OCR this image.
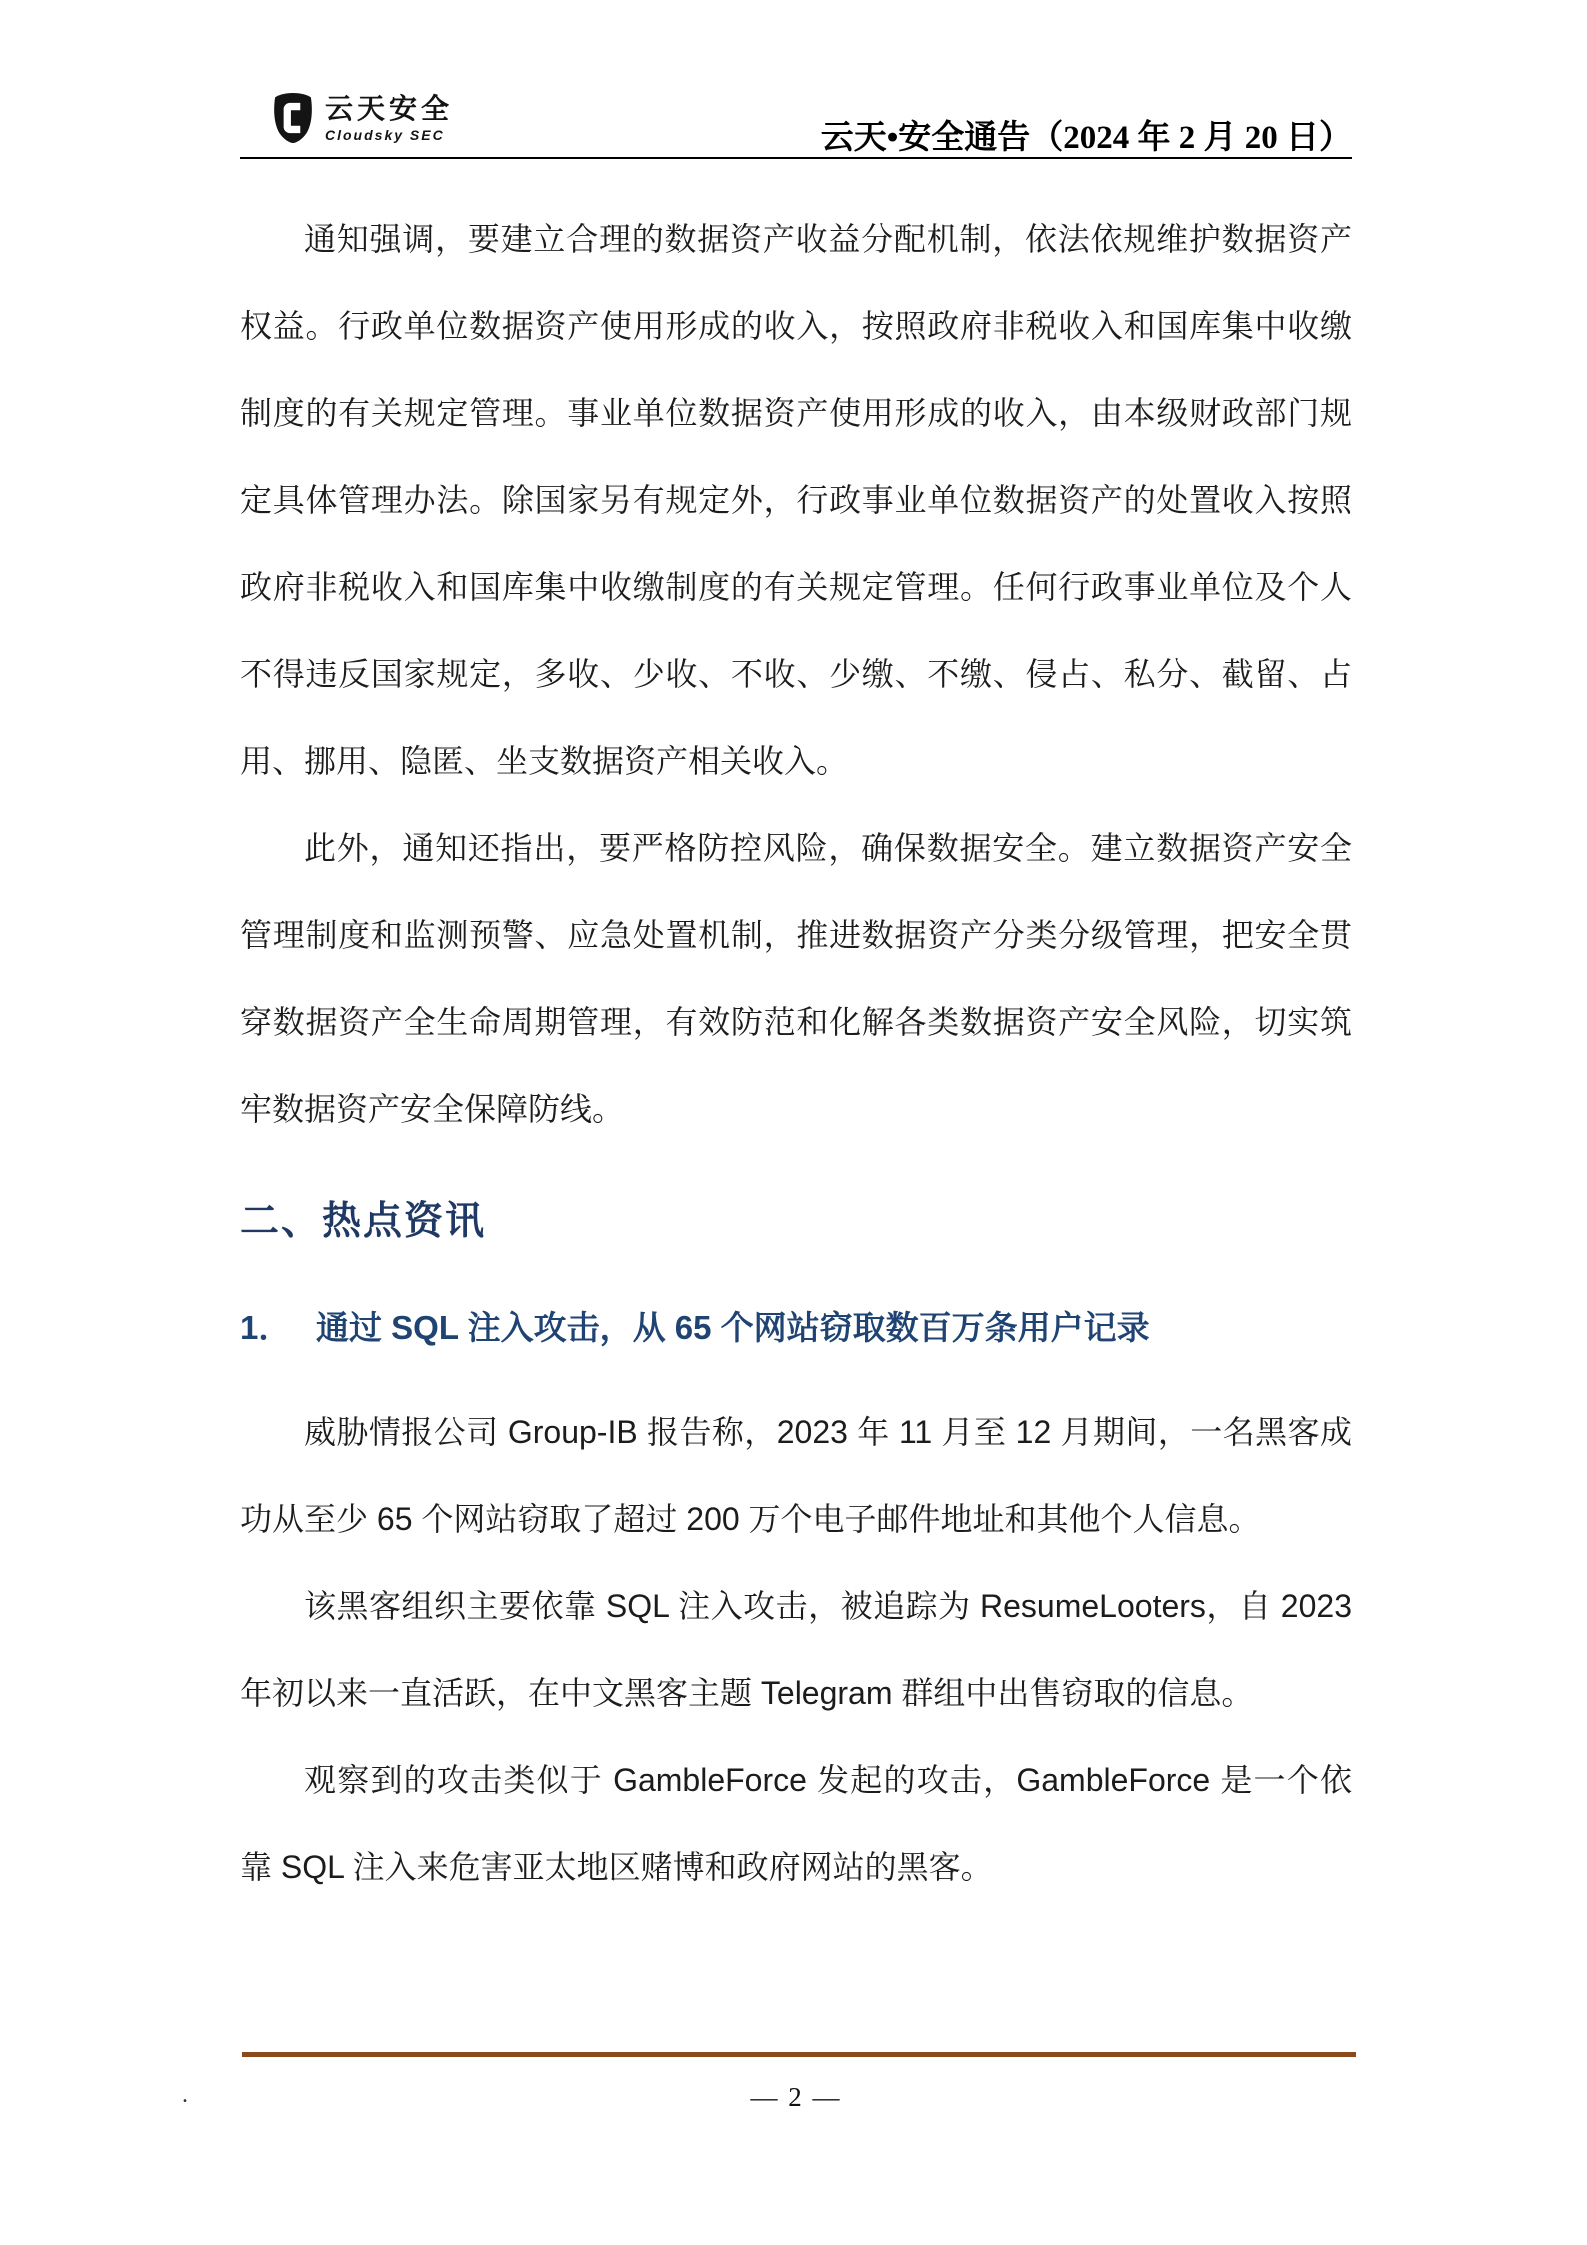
云天安全
Cloudsky SEC	云天•安全通告（2024 年 2 月 20 日）

通知强调，要建立合理的数据资产收益分配机制，依法依规维护数据资产权益。行政单位数据资产使用形成的收入，按照政府非税收入和国库集中收缴制度的有关规定管理。事业单位数据资产使用形成的收入，由本级财政部门规定具体管理办法。除国家另有规定外，行政事业单位数据资产的处置收入按照政府非税收入和国库集中收缴制度的有关规定管理。任何行政事业单位及个人不得违反国家规定，多收、少收、不收、少缴、不缴、侵占、私分、截留、占用、挪用、隐匿、坐支数据资产相关收入。

此外，通知还指出，要严格防控风险，确保数据安全。建立数据资产安全管理制度和监测预警、应急处置机制，推进数据资产分类分级管理，把安全贯穿数据资产全生命周期管理，有效防范和化解各类数据资产安全风险，切实筑牢数据资产安全保障防线。

二、热点资讯
1． 通过 SQL 注入攻击，从 65 个网站窃取数百万条用户记录

威胁情报公司 Group-IB 报告称，2023 年 11 月至 12 月期间，一名黑客成功从至少 65 个网站窃取了超过 200 万个电子邮件地址和其他个人信息。

该黑客组织主要依靠 SQL 注入攻击，被追踪为 ResumeLooters，自 2023 年初以来一直活跃，在中文黑客主题 Telegram 群组中出售窃取的信息。

观察到的攻击类似于 GambleForce 发起的攻击，GambleForce 是一个依靠 SQL 注入来危害亚太地区赌博和政府网站的黑客。

.	— 2 —
